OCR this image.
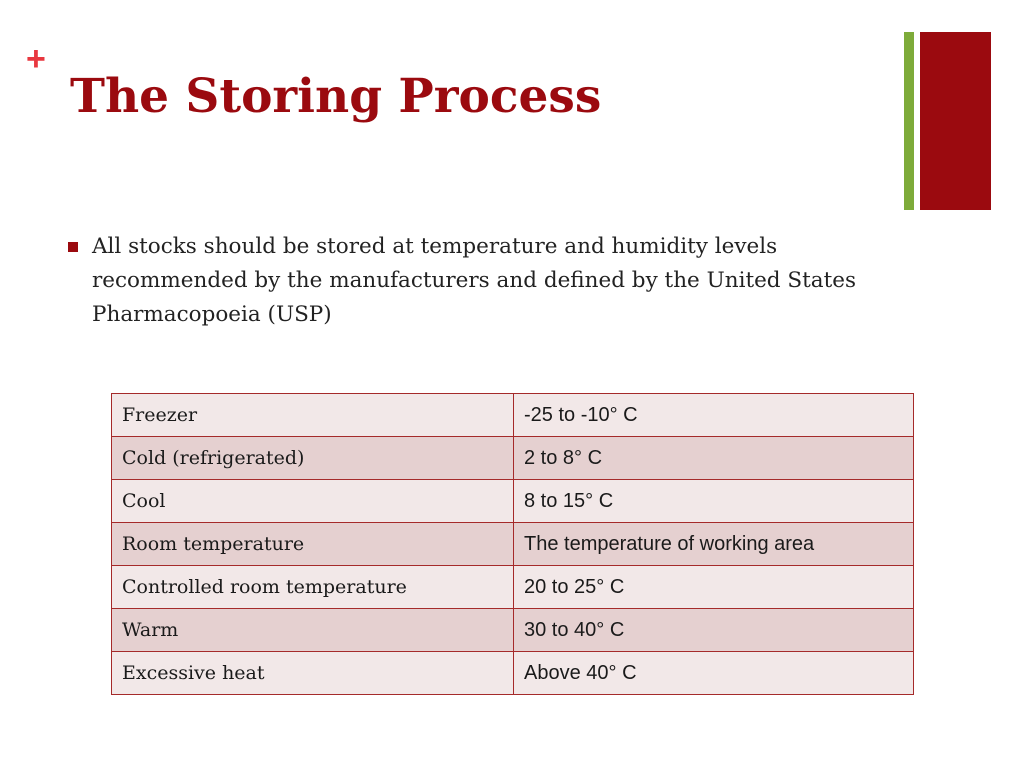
+
The Storing Process

All stocks should be stored at temperature and humidity levels recommended by the manufacturers and defined by the United States Pharmacopoeia (USP)

Freezer	-25 to -10° C
Cold (refrigerated)	2 to 8° C
Cool	8 to 15° C
Room temperature	The temperature of working area
Controlled room temperature	20 to 25° C
Warm	30 to 40° C
Excessive heat	Above 40° C
